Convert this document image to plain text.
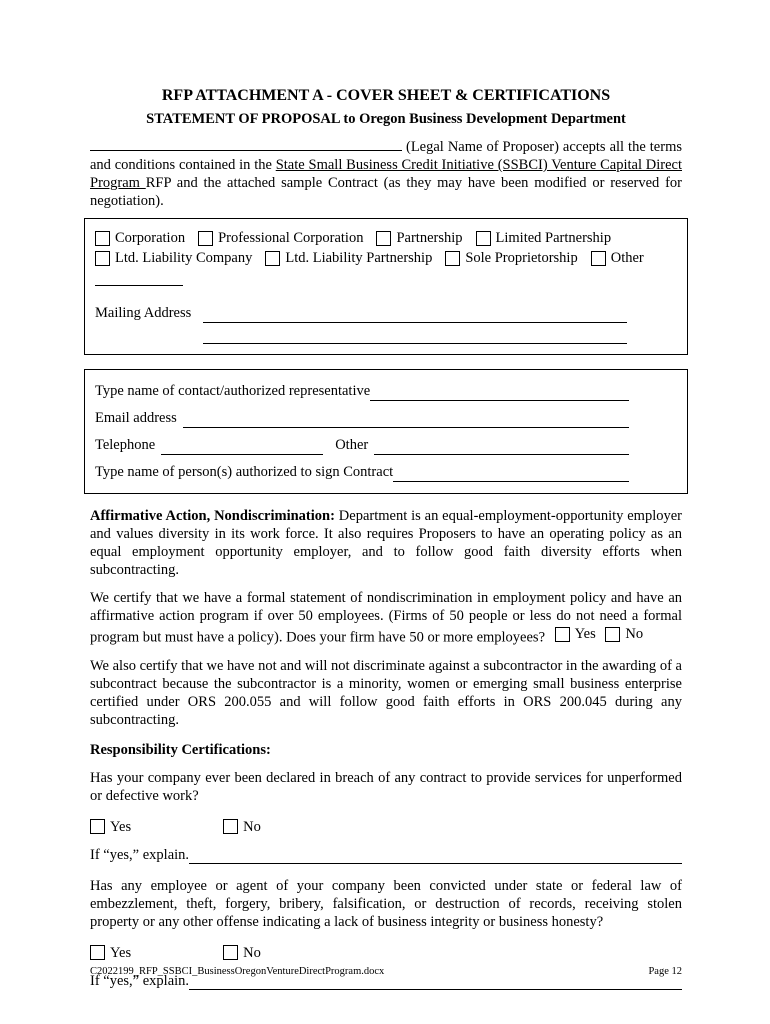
RFP ATTACHMENT A - COVER SHEET & CERTIFICATIONS
STATEMENT OF PROPOSAL to Oregon Business Development Department

(Legal Name of Proposer) accepts all the terms and conditions contained in the State Small Business Credit Initiative (SSBCI) Venture Capital Direct Program RFP and the attached sample Contract (as they may have been modified or reserved for negotiation).

Corporation Professional Corporation Partnership Limited Partnership
Ltd. Liability Company Ltd. Liability Partnership Sole Proprietorship Other
Mailing Address
Type name of contact/authorized representative
Email address
Telephone	Other
Type name of person(s) authorized to sign Contract

Affirmative Action, Nondiscrimination: Department is an equal-employment-opportunity employer and values diversity in its work force. It also requires Proposers to have an operating policy as an equal employment opportunity employer, and to follow good faith diversity efforts when subcontracting.

We certify that we have a formal statement of nondiscrimination in employment policy and have an affirmative action program if over 50 employees. (Firms of 50 people or less do not need a formal program but must have a policy). Does your firm have 50 or more employees? Yes
No

We also certify that we have not and will not discriminate against a subcontractor in the awarding of a subcontract because the subcontractor is a minority, women or emerging small business enterprise certified under ORS 200.055 and will follow good faith efforts in ORS 200.045 during any subcontracting.

Responsibility Certifications:

Has your company ever been declared in breach of any contract to provide services for unperformed or defective work?

Yes	No
If “yes,” explain.

Has any employee or agent of your company been convicted under state or federal law of embezzlement, theft, forgery, bribery, falsification, or destruction of records, receiving stolen property or any other offense indicating a lack of business integrity or business honesty?

Yes	No
If “yes,” explain.
C2022199_RFP_SSBCI_BusinessOregonVentureDirectProgram.docx	Page 12
